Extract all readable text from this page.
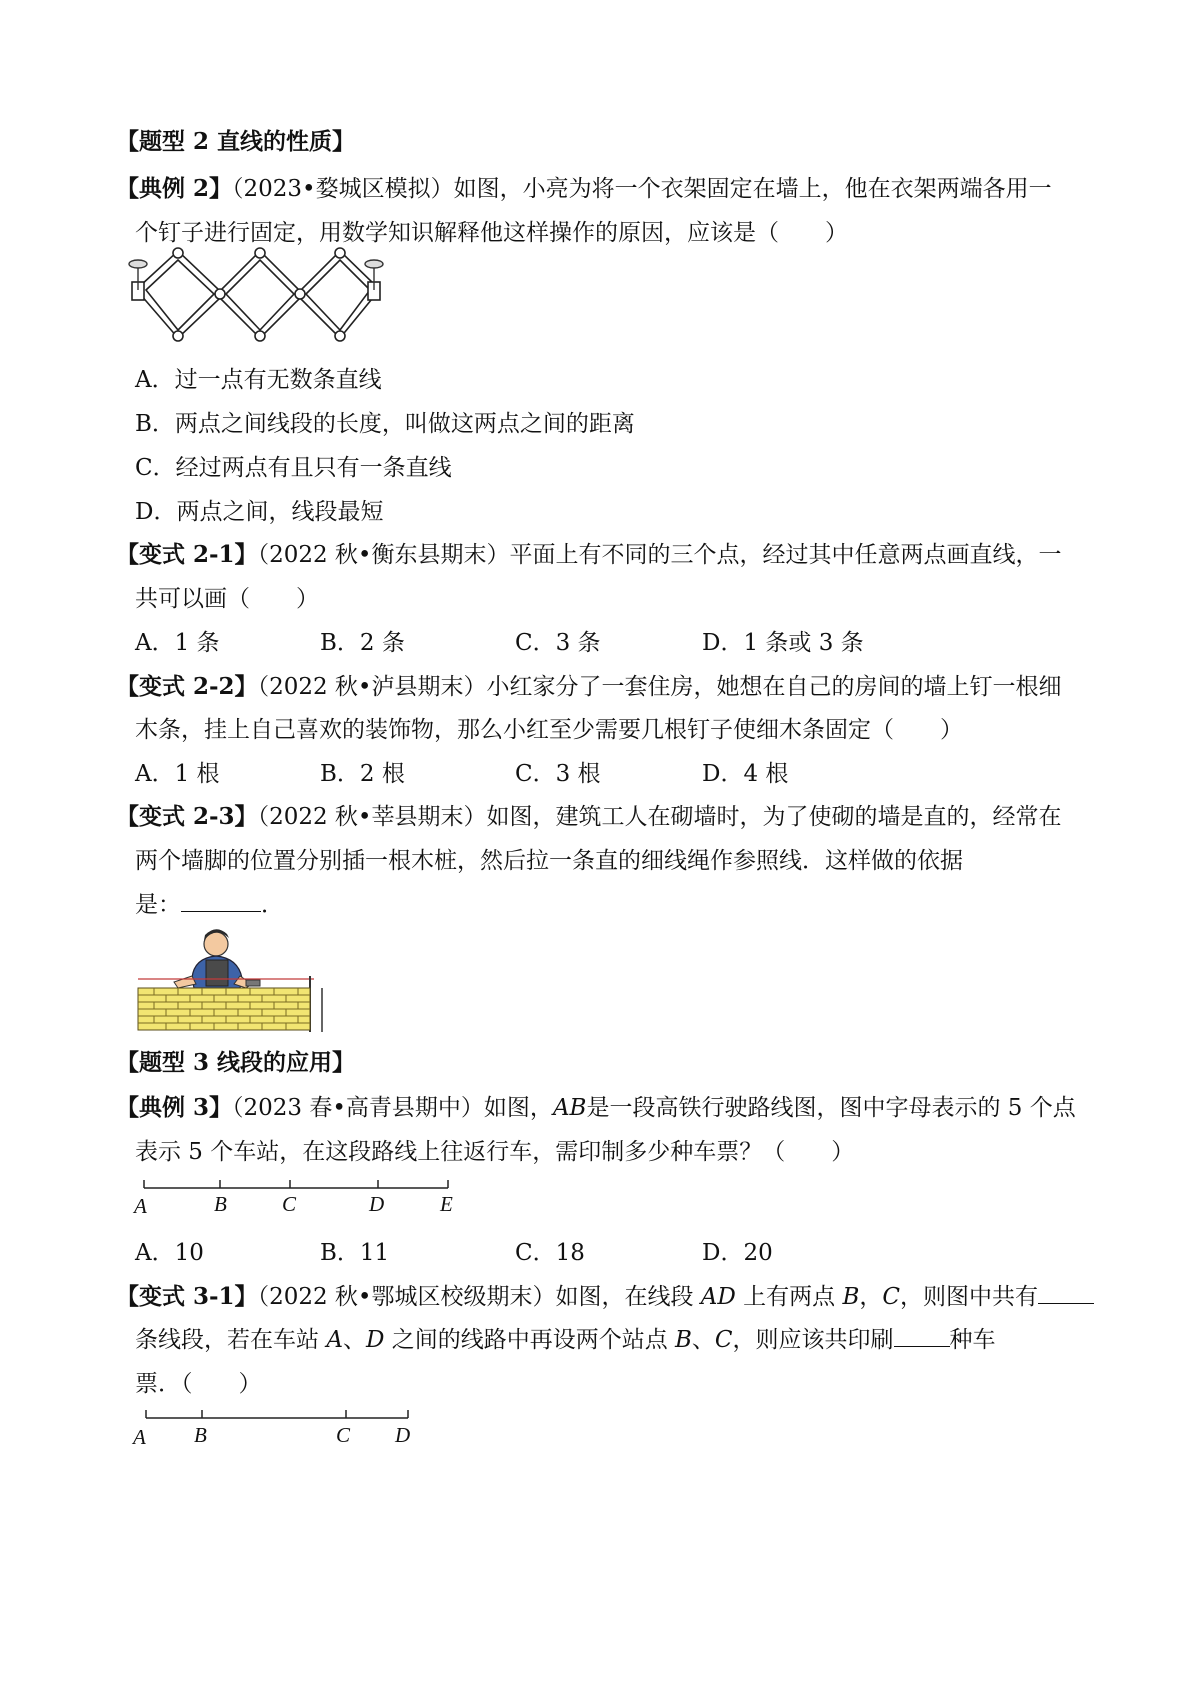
【题型 2 直线的性质】
【典例 2】（2023•婺城区模拟）如图，小亮为将一个衣架固定在墙上，他在衣架两端各用一
个钉子进行固定，用数学知识解释他这样操作的原因，应该是（　　）
A．过一点有无数条直线
B．两点之间线段的长度，叫做这两点之间的距离
C．经过两点有且只有一条直线
D．两点之间，线段最短
【变式 2-1】（2022 秋•衡东县期末）平面上有不同的三个点，经过其中任意两点画直线，一
共可以画（　　）
A．1 条	B．2 条	C．3 条	D．1 条或 3 条
【变式 2-2】（2022 秋•泸县期末）小红家分了一套住房，她想在自己的房间的墙上钉一根细
木条，挂上自己喜欢的装饰物，那么小红至少需要几根钉子使细木条固定（　　）
A．1 根	B．2 根	C．3 根	D．4 根
【变式 2-3】（2022 秋•莘县期末）如图，建筑工人在砌墙时，为了使砌的墙是直的，经常在
两个墙脚的位置分别插一根木桩，然后拉一条直的细线绳作参照线．这样做的依据
是：	．
【题型 3 线段的应用】
【典例 3】（2023 春•高青县期中）如图，AB是一段高铁行驶路线图，图中字母表示的 5 个点
表示 5 个车站，在这段路线上往返行车，需印制多少种车票？（　　）
A	B	C	D	E
A．10	B．11	C．18	D．20
【变式 3-1】（2022 秋•鄂城区校级期末）如图，在线段 AD 上有两点 B，C，则图中共有
条线段，若在车站 A、D 之间的线路中再设两个站点 B、C，则应该共印刷 种车
票．（　　）
A B	C D
